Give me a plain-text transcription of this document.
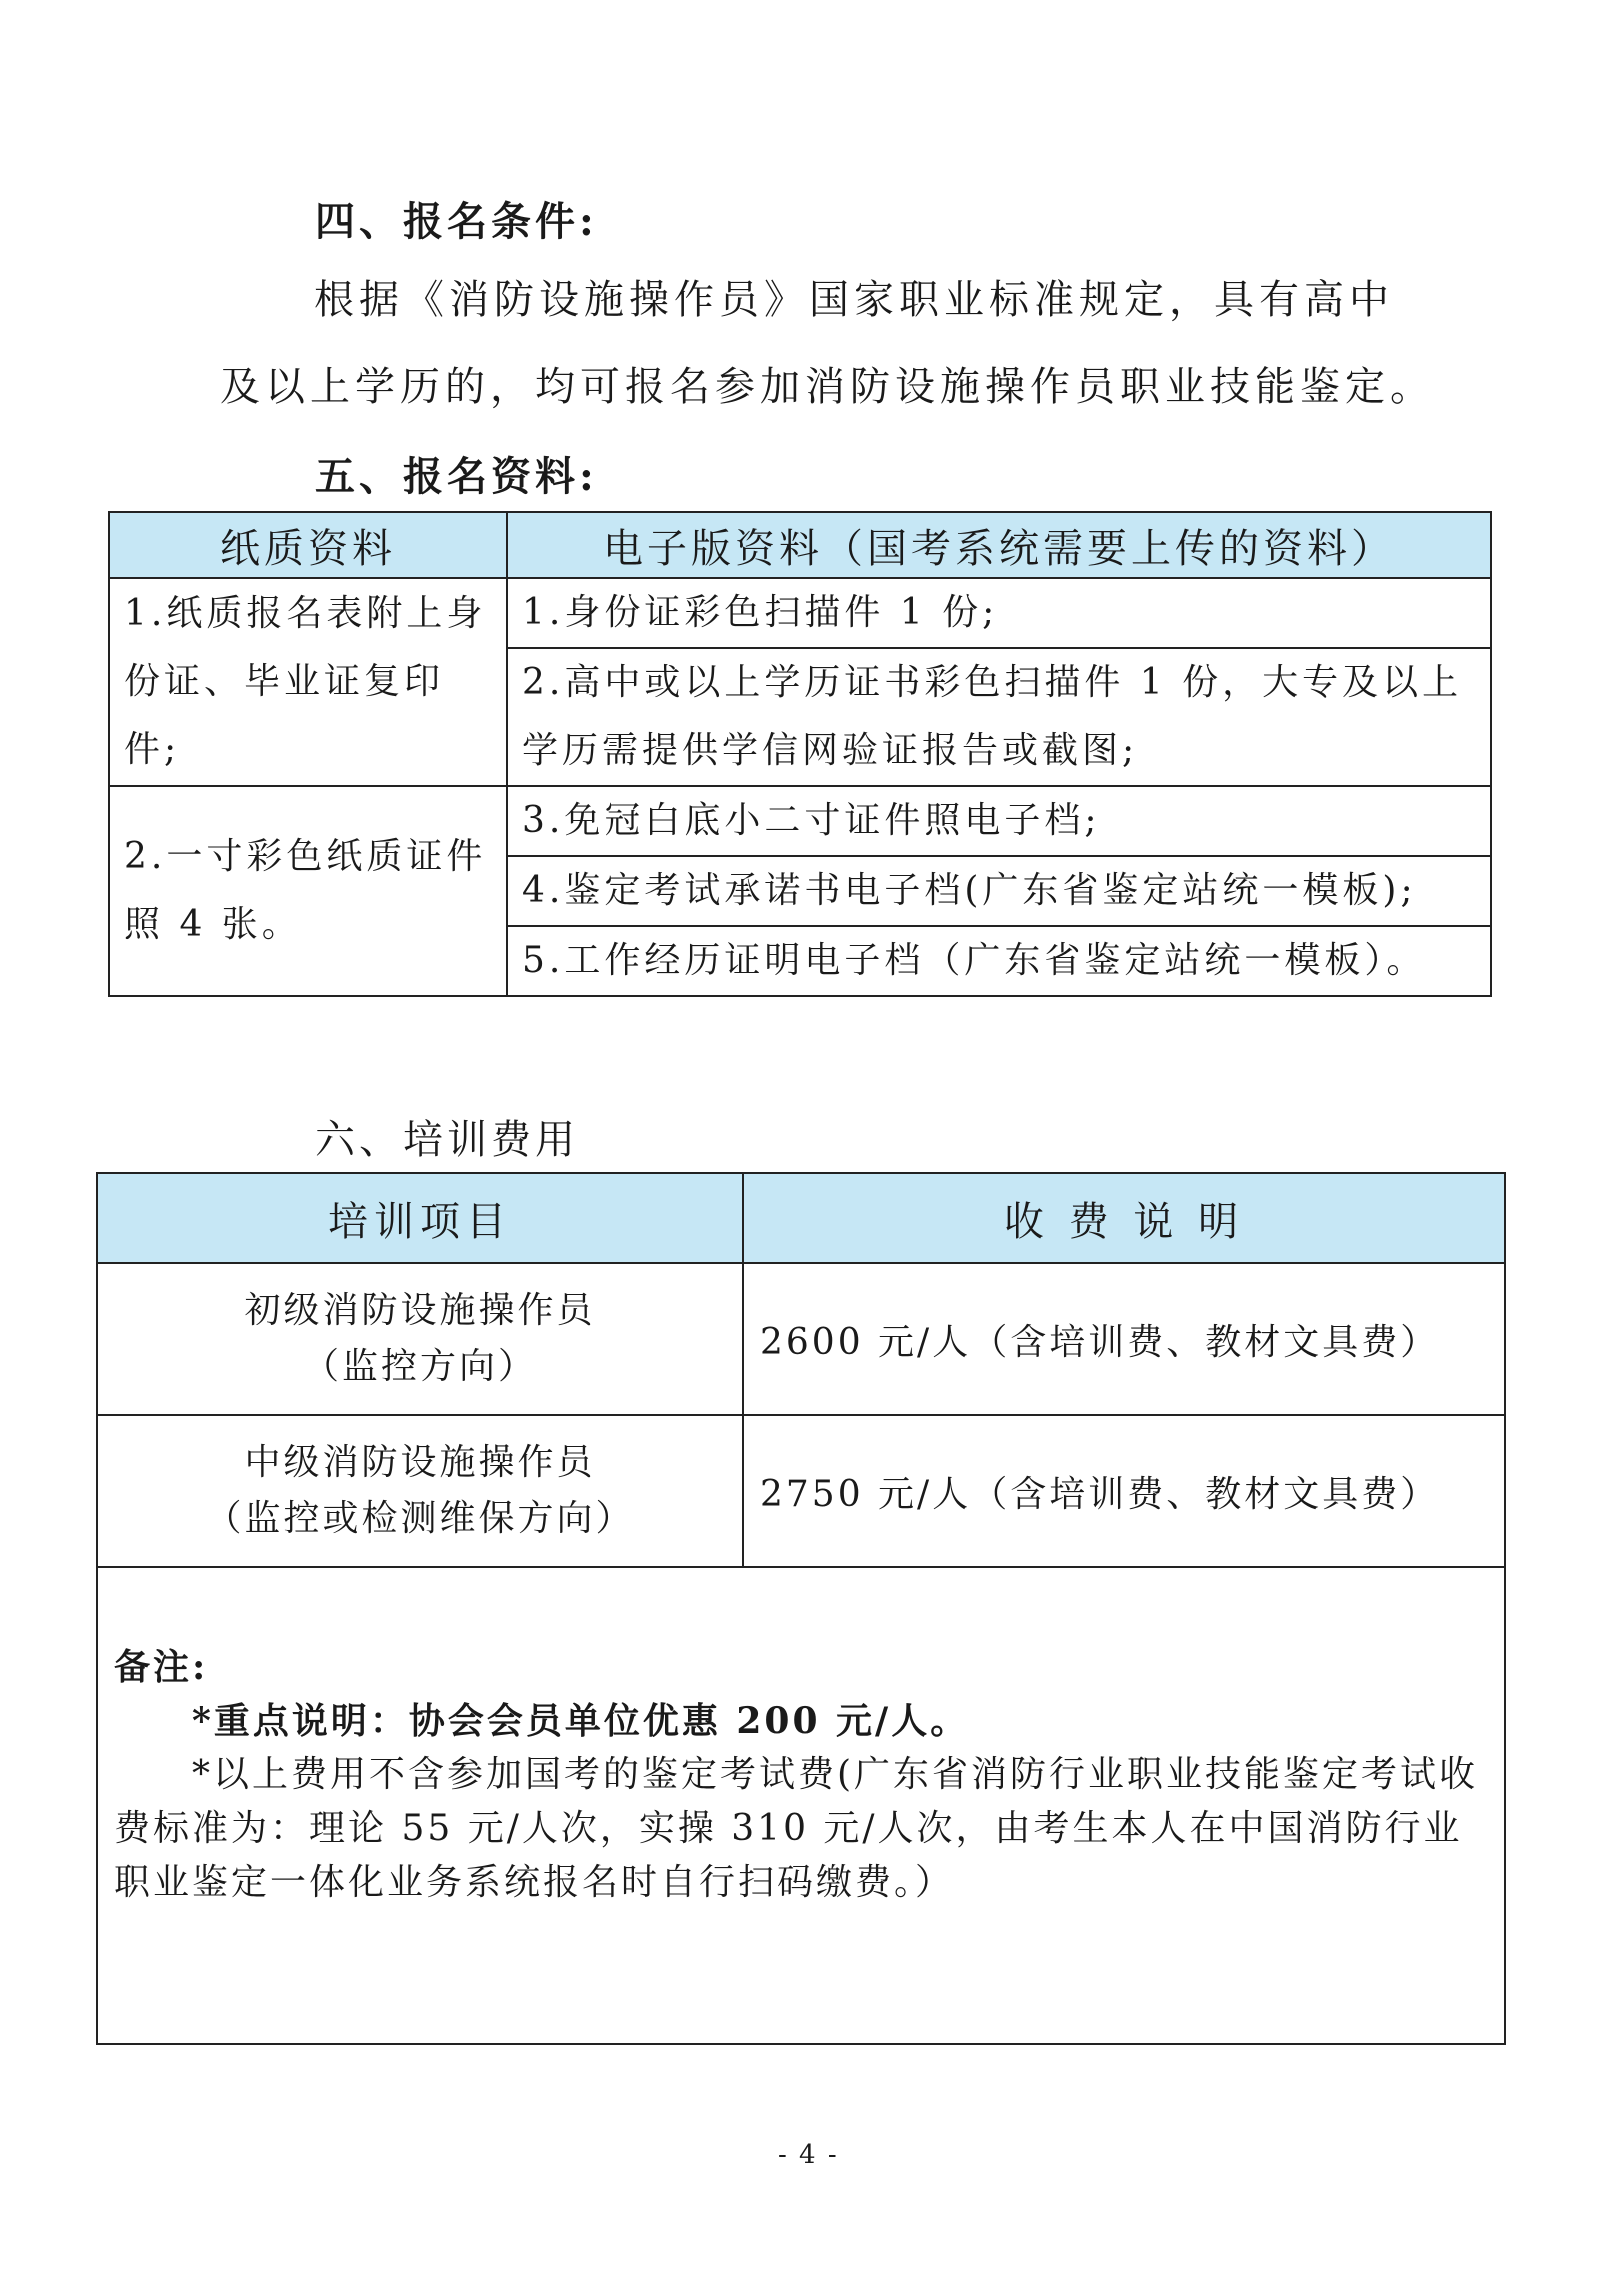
四、报名条件:
根据《消防设施操作员》国家职业标准规定，具有高中
及以上学历的，均可报名参加消防设施操作员职业技能鉴定。
五、报名资料:
纸质资料	电子版资料（国考系统需要上传的资料）
1.纸质报名表附上身份证、毕业证复印件;	1.身份证彩色扫描件 1 份;
	2.高中或以上学历证书彩色扫描件 1 份，大专及以上学历需提供学信网验证报告或截图;
2.一寸彩色纸质证件照 4 张。	3.免冠白底小二寸证件照电子档;
	4.鉴定考试承诺书电子档(广东省鉴定站统一模板);
	5.工作经历证明电子档（广东省鉴定站统一模板）。
六、培训费用
培训项目	收 费 说 明

初级消防设施操作员
（监控方向）	2600 元/人（含培训费、教材文具费）

中级消防设施操作员
（监控或检测维保方向）	2750 元/人（含培训费、教材文具费）

备注:
*重点说明：协会会员单位优惠 200 元/人。
*以上费用不含参加国考的鉴定考试费(广东省消防行业职业技能鉴定考试收费标准为：理论 55 元/人次，实操 310 元/人次，由考生本人在中国消防行业职业鉴定一体化业务系统报名时自行扫码缴费。）	
- 4 -
